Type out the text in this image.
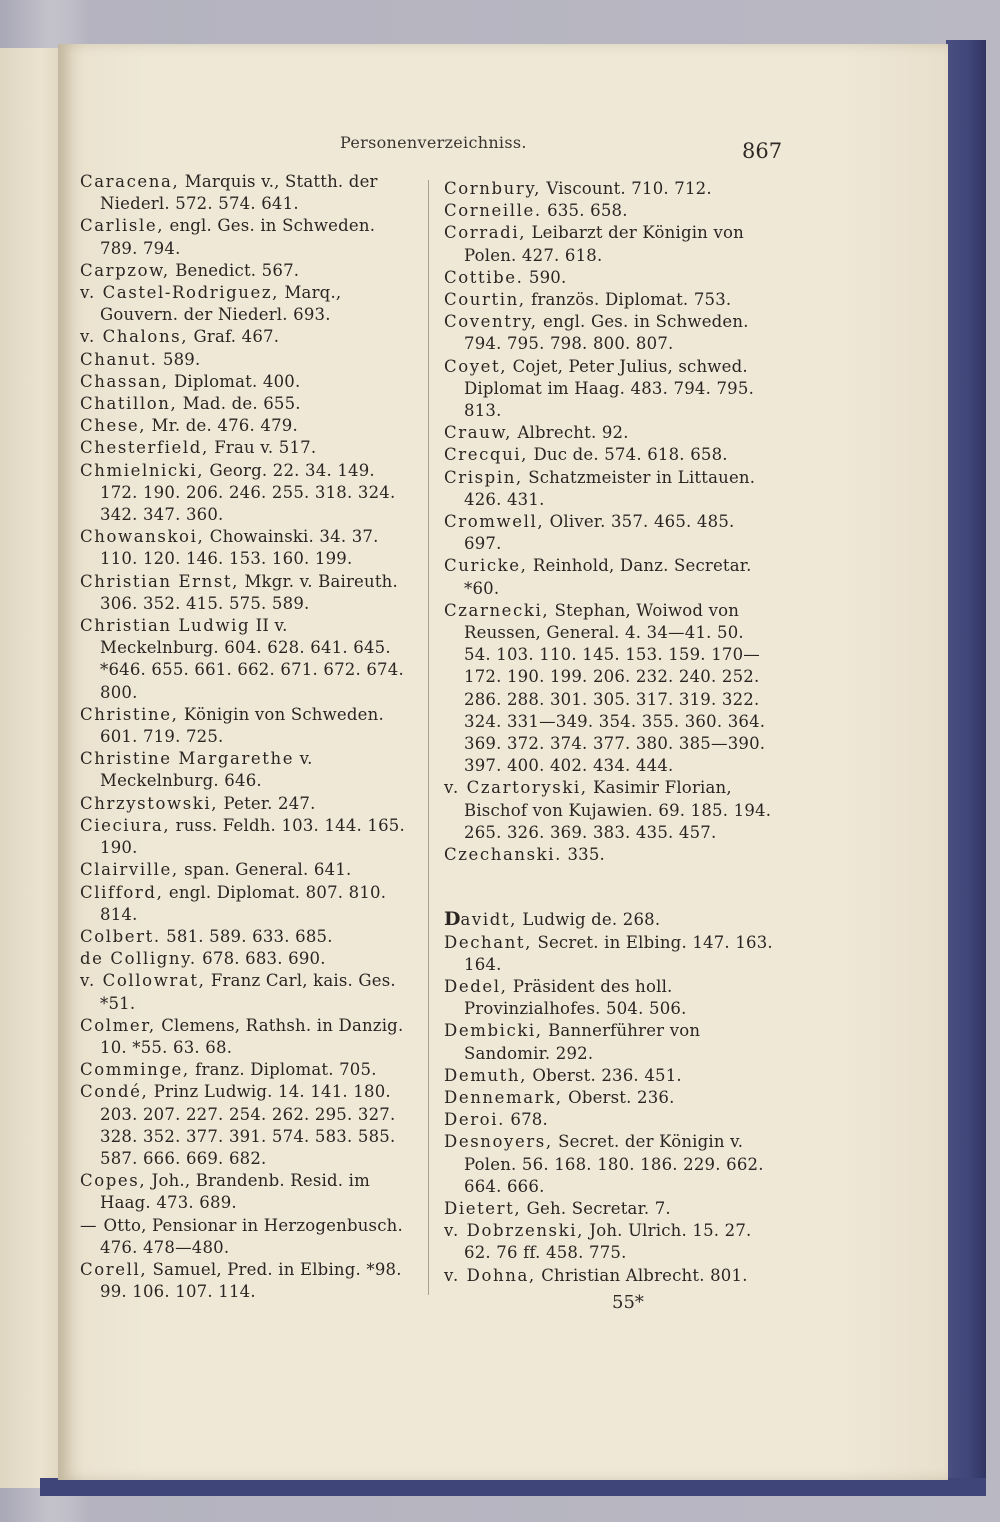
Personenverzeichniss.	867

Caracena, Marquis v., Statth. der Niederl. 572. 574. 641.

Carlisle, engl. Ges. in Schweden. 789. 794.

Carpzow, Benedict. 567.

v. Castel-Rodriguez, Marq., Gouvern. der Niederl. 693.

v. Chalons, Graf. 467.

Chanut. 589.

Chassan, Diplomat. 400.

Chatillon, Mad. de. 655.

Chese, Mr. de. 476. 479.

Chesterfield, Frau v. 517.

Chmielnicki, Georg. 22. 34. 149. 172. 190. 206. 246. 255. 318. 324. 342. 347. 360.

Chowanskoi, Chowainski. 34. 37. 110. 120. 146. 153. 160. 199.

Christian Ernst, Mkgr. v. Baireuth. 306. 352. 415. 575. 589.

Christian Ludwig II v. Meckelnburg. 604. 628. 641. 645. *646. 655. 661. 662. 671. 672. 674. 800.

Christine, Königin von Schweden. 601. 719. 725.

Christine Margarethe v. Meckelnburg. 646.

Chrzystowski, Peter. 247.

Cieciura, russ. Feldh. 103. 144. 165. 190.

Clairville, span. General. 641.

Clifford, engl. Diplomat. 807. 810. 814.

Colbert. 581. 589. 633. 685.

de Colligny. 678. 683. 690.

v. Collowrat, Franz Carl, kais. Ges. *51.

Colmer, Clemens, Rathsh. in Danzig. 10. *55. 63. 68.

Comminge, franz. Diplomat. 705.

Condé, Prinz Ludwig. 14. 141. 180. 203. 207. 227. 254. 262. 295. 327. 328. 352. 377. 391. 574. 583. 585. 587. 666. 669. 682.

Copes, Joh., Brandenb. Resid. im Haag. 473. 689.

— Otto, Pensionar in Herzogenbusch. 476. 478—480.

Corell, Samuel, Pred. in Elbing. *98. 99. 106. 107. 114.

Cornbury, Viscount. 710. 712.

Corneille. 635. 658.

Corradi, Leibarzt der Königin von Polen. 427. 618.

Cottibe. 590.

Courtin, französ. Diplomat. 753.

Coventry, engl. Ges. in Schweden. 794. 795. 798. 800. 807.

Coyet, Cojet, Peter Julius, schwed. Diplomat im Haag. 483. 794. 795. 813.

Crauw, Albrecht. 92.

Crecqui, Duc de. 574. 618. 658.

Crispin, Schatzmeister in Littauen. 426. 431.

Cromwell, Oliver. 357. 465. 485. 697.

Curicke, Reinhold, Danz. Secretar. *60.

Czarnecki, Stephan, Woiwod von Reussen, General. 4. 34—41. 50. 54. 103. 110. 145. 153. 159. 170—172. 190. 199. 206. 232. 240. 252. 286. 288. 301. 305. 317. 319. 322. 324. 331—349. 354. 355. 360. 364. 369. 372. 374. 377. 380. 385—390. 397. 400. 402. 434. 444.

v. Czartoryski, Kasimir Florian, Bischof von Kujawien. 69. 185. 194. 265. 326. 369. 383. 435. 457.

Czechanski. 335.

Davidt, Ludwig de. 268.

Dechant, Secret. in Elbing. 147. 163. 164.

Dedel, Präsident des holl. Provinzialhofes. 504. 506.

Dembicki, Bannerführer von Sandomir. 292.

Demuth, Oberst. 236. 451.

Dennemark, Oberst. 236.

Deroi. 678.

Desnoyers, Secret. der Königin v. Polen. 56. 168. 180. 186. 229. 662. 664. 666.

Dietert, Geh. Secretar. 7.

v. Dobrzenski, Joh. Ulrich. 15. 27. 62. 76 ff. 458. 775.

v. Dohna, Christian Albrecht. 801.

55*
